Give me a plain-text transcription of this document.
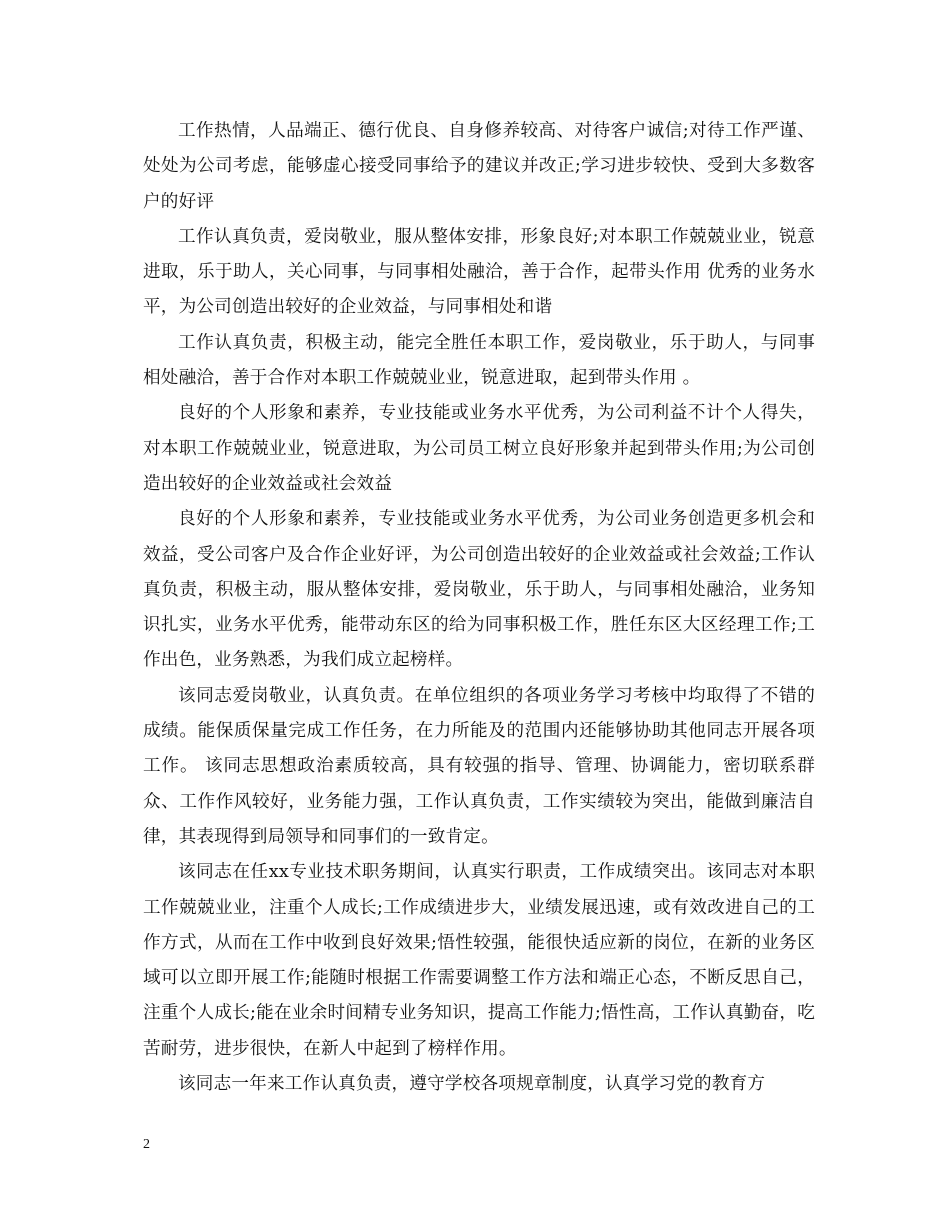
工作热情，人品端正、德行优良、自身修养较高、对待客户诚信;对待工作严谨、处处为公司考虑，能够虚心接受同事给予的建议并改正;学习进步较快、受到大多数客户的好评

工作认真负责，爱岗敬业，服从整体安排，形象良好;对本职工作兢兢业业，锐意进取，乐于助人，关心同事，与同事相处融洽，善于合作，起带头作用 优秀的业务水平，为公司创造出较好的企业效益，与同事相处和谐

工作认真负责，积极主动，能完全胜任本职工作，爱岗敬业，乐于助人，与同事相处融洽，善于合作对本职工作兢兢业业，锐意进取，起到带头作用 。

良好的个人形象和素养，专业技能或业务水平优秀，为公司利益不计个人得失，对本职工作兢兢业业，锐意进取，为公司员工树立良好形象并起到带头作用;为公司创造出较好的企业效益或社会效益

良好的个人形象和素养，专业技能或业务水平优秀，为公司业务创造更多机会和效益，受公司客户及合作企业好评，为公司创造出较好的企业效益或社会效益;工作认真负责，积极主动，服从整体安排，爱岗敬业，乐于助人，与同事相处融洽，业务知识扎实，业务水平优秀，能带动东区的给为同事积极工作，胜任东区大区经理工作;工作出色，业务熟悉，为我们成立起榜样。

该同志爱岗敬业，认真负责。在单位组织的各项业务学习考核中均取得了不错的成绩。能保质保量完成工作任务，在力所能及的范围内还能够协助其他同志开展各项工作。 该同志思想政治素质较高，具有较强的指导、管理、协调能力，密切联系群众、工作作风较好，业务能力强，工作认真负责，工作实绩较为突出，能做到廉洁自律，其表现得到局领导和同事们的一致肯定。

该同志在任xx专业技术职务期间，认真实行职责，工作成绩突出。该同志对本职工作兢兢业业，注重个人成长;工作成绩进步大，业绩发展迅速，或有效改进自己的工作方式，从而在工作中收到良好效果;悟性较强，能很快适应新的岗位，在新的业务区域可以立即开展工作;能随时根据工作需要调整工作方法和端正心态，不断反思自己，注重个人成长;能在业余时间精专业务知识，提高工作能力;悟性高，工作认真勤奋，吃苦耐劳，进步很快，在新人中起到了榜样作用。

该同志一年来工作认真负责，遵守学校各项规章制度，认真学习党的教育方

2
